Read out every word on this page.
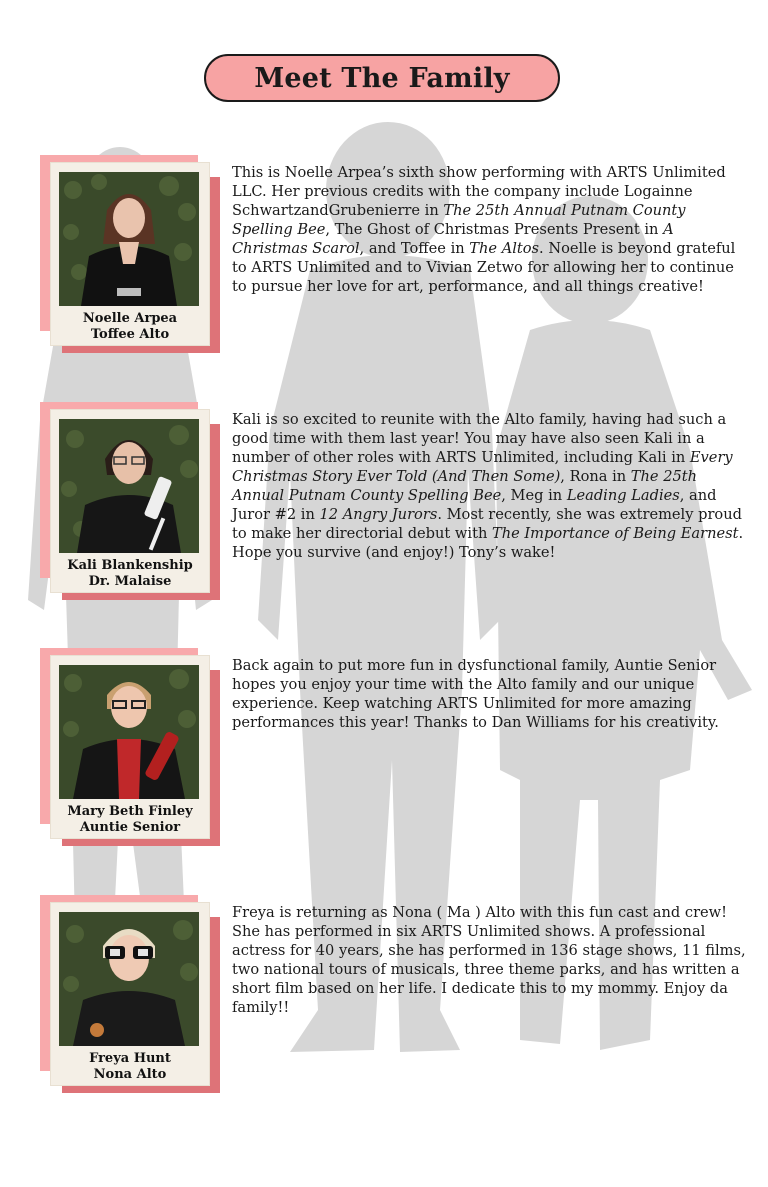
Meet The Family
Noelle Arpea
Toffee Alto

This is Noelle Arpea’s sixth show performing with ARTS Unlimited LLC. Her previous credits with the company include Logainne SchwartzandGrubenierre in The 25th Annual Putnam County Spelling Bee, The Ghost of Christmas Presents Present in A Christmas Scarol, and Toffee in The Altos. Noelle is beyond grateful to ARTS Unlimited and to Vivian Zetwo for allowing her to continue to pursue her love for art, performance, and all things creative!

Kali Blankenship
Dr. Malaise

Kali is so excited to reunite with the Alto family, having had such a good time with them last year! You may have also seen Kali in a number of other roles with ARTS Unlimited, including Kali in Every Christmas Story Ever Told (And Then Some), Rona in The 25th Annual Putnam County Spelling Bee, Meg in Leading Ladies, and Juror #2 in 12 Angry Jurors. Most recently, she was extremely proud to make her directorial debut with The Importance of Being Earnest. Hope you survive (and enjoy!) Tony’s wake!

Mary Beth Finley
Auntie Senior

Back again to put more fun in dysfunctional family, Auntie Senior hopes you enjoy your time with the Alto family and our unique experience. Keep watching ARTS Unlimited for more amazing performances this year! Thanks to Dan Williams for his creativity.

Freya Hunt
Nona Alto

Freya is returning as Nona ( Ma ) Alto with this fun cast and crew! She has performed in six ARTS Unlimited shows. A professional actress for 40 years, she has performed in 136 stage shows, 11 films, two national tours of musicals, three theme parks, and has written a short film based on her life. I dedicate this to my mommy. Enjoy da family!!
